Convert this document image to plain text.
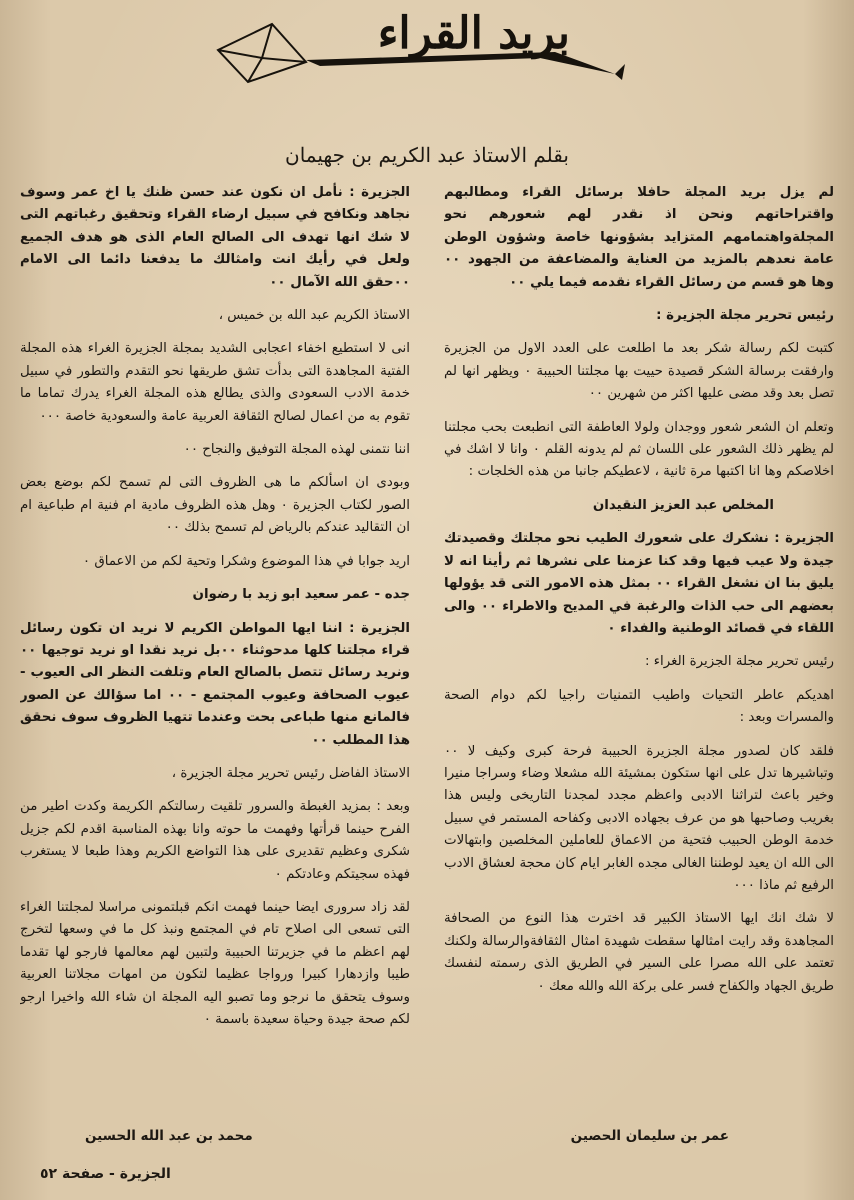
بريد القراء
بقلم الاستاذ عبد الكريم بن جهيمان

لم يزل بريد المجلة حافلا برسائل القراء ومطالبهم واقتراحاتهم ونحن اذ نقدر لهم شعورهم نحو المجلةواهتمامهم المتزايد بشؤونها خاصة وشؤون الوطن عامة نعدهم بالمزيد من العناية والمضاعفة من الجهود ٠٠ وها هو قسم من رسائل القراء نقدمه فيما يلي ٠٠

رئيس تحرير مجلة الجزيرة :

كتبت لكم رسالة شكر بعد ما اطلعت على العدد الاول من الجزيرة وارفقت برسالة الشكر قصيدة حييت بها مجلتنا الحبيبة ٠ ويظهر انها لم تصل بعد وقد مضى عليها اكثر من شهرين ٠٠

وتعلم ان الشعر شعور ووجدان ولولا العاطفة التى انطبعت بحب مجلتنا لم يظهر ذلك الشعور على اللسان ثم لم يدونه القلم ٠ وانا لا اشك في اخلاصكم وها انا اكتبها مرة ثانية ، لاعطيكم جانبا من هذه الخلجات :

المخلص عبد العزيز النقيدان

الجزيرة : نشكرك على شعورك الطيب نحو مجلتك وقصيدتك جيدة ولا عيب فيها وقد كنا عزمنا على نشرها ثم رأينا انه لا يليق بنا ان نشغل القراء ٠٠ بمثل هذه الامور التى قد يؤولها بعضهم الى حب الذات والرغبة في المديح والاطراء ٠٠ والى اللقاء في قصائد الوطنية والفداء ٠

رئيس تحرير مجلة الجزيرة الغراء :

اهديكم عاطر التحيات واطيب التمنيات راجيا لكم دوام الصحة والمسرات وبعد :

فلقد كان لصدور مجلة الجزيرة الحبيبة فرحة كبرى وكيف لا ٠٠ وتباشيرها تدل على انها ستكون بمشيئة الله مشعلا وضاء وسراجا منيرا وخير باعث لتراثنا الادبى واعظم مجدد لمجدنا التاريخى وليس هذا بغريب وصاحبها هو من عرف بجهاده الادبى وكفاحه المستمر في سبيل خدمة الوطن الحبيب فتحية من الاعماق للعاملين المخلصين وابتهالات الى الله ان يعيد لوطننا الغالى مجده الغابر ايام كان محجة لعشاق الادب الرفيع ثم ماذا ٠٠٠

لا شك انك ايها الاستاذ الكبير قد اخترت هذا النوع من الصحافة المجاهدة وقد رايت امثالها سقطت شهيدة امثال الثقافةوالرسالة ولكنك تعتمد على الله مصرا على السير في الطريق الذى رسمته لنفسك طريق الجهاد والكفاح فسر على بركة الله والله معك ٠

الجزيرة : نأمل ان نكون عند حسن ظنك يا اخ عمر وسوف نجاهد ونكافح في سبيل ارضاء القراء وتحقيق رغباتهم التى لا شك انها تهدف الى الصالح العام الذى هو هدف الجميع ولعل في رأيك انت وامثالك ما يدفعنا دائما الى الامام ٠٠حقق الله الآمال ٠٠

الاستاذ الكريم عبد الله بن خميس ،

انى لا استطيع اخفاء اعجابى الشديد بمجلة الجزيرة الغراء هذه المجلة الفتية المجاهدة التى بدأت تشق طريقها نحو التقدم والتطور في سبيل خدمة الادب السعودى والذى يطالع هذه المجلة الغراء يدرك تماما ما تقوم به من اعمال لصالح الثقافة العربية عامة والسعودية خاصة ٠٠٠

اننا نتمنى لهذه المجلة التوفيق والنجاح ٠٠

وبودى ان اسألكم ما هى الظروف التى لم تسمح لكم بوضع بعض الصور لكتاب الجزيرة ٠ وهل هذه الظروف مادية ام فنية ام طباعية ام ان التقاليد عندكم بالرياض لم تسمح بذلك ٠٠

اريد جوابا في هذا الموضوع وشكرا وتحية لكم من الاعماق ٠

جده - عمر سعيد ابو زيد با رضوان

الجزيرة : اننا ايها المواطن الكريم لا نريد ان تكون رسائل قراء مجلتنا كلها مدحوثناء ٠٠بل نريد نقدا او نريد توجيها ٠٠ ونريد رسائل تتصل بالصالح العام وتلفت النظر الى العيوب - عيوب الصحافة وعيوب المجتمع - ٠٠ اما سؤالك عن الصور فالمانع منها طباعى بحت وعندما تتهيا الظروف سوف نحقق هذا المطلب ٠٠

الاستاذ الفاضل رئيس تحرير مجلة الجزيرة ،

وبعد : بمزيد الغبطة والسرور تلقيت رسالتكم الكريمة وكدت اطير من الفرح حينما قرأتها وفهمت ما حوته وانا بهذه المناسبة اقدم لكم جزيل شكرى وعظيم تقديرى على هذا التواضع الكريم وهذا طبعا لا يستغرب فهذه سجيتكم وعادتكم ٠

لقد زاد سرورى ايضا حينما فهمت انكم قبلتمونى مراسلا لمجلتنا الغراء التى تسعى الى اصلاح تام في المجتمع ونبذ كل ما في وسعها لتخرج لهم اعظم ما في جزيرتنا الحبيبة ولتبين لهم معالمها فارجو لها تقدما طيبا وازدهارا كبيرا ورواجا عظيما لتكون من امهات مجلاتنا العربية وسوف يتحقق ما نرجو وما تصبو اليه المجلة ان شاء الله واخيرا ارجو لكم صحة جيدة وحياة سعيدة باسمة ٠

عمر بن سليمان الحصين
محمد بن عبد الله الحسين
الجزيرة - صفحة ٥٢
